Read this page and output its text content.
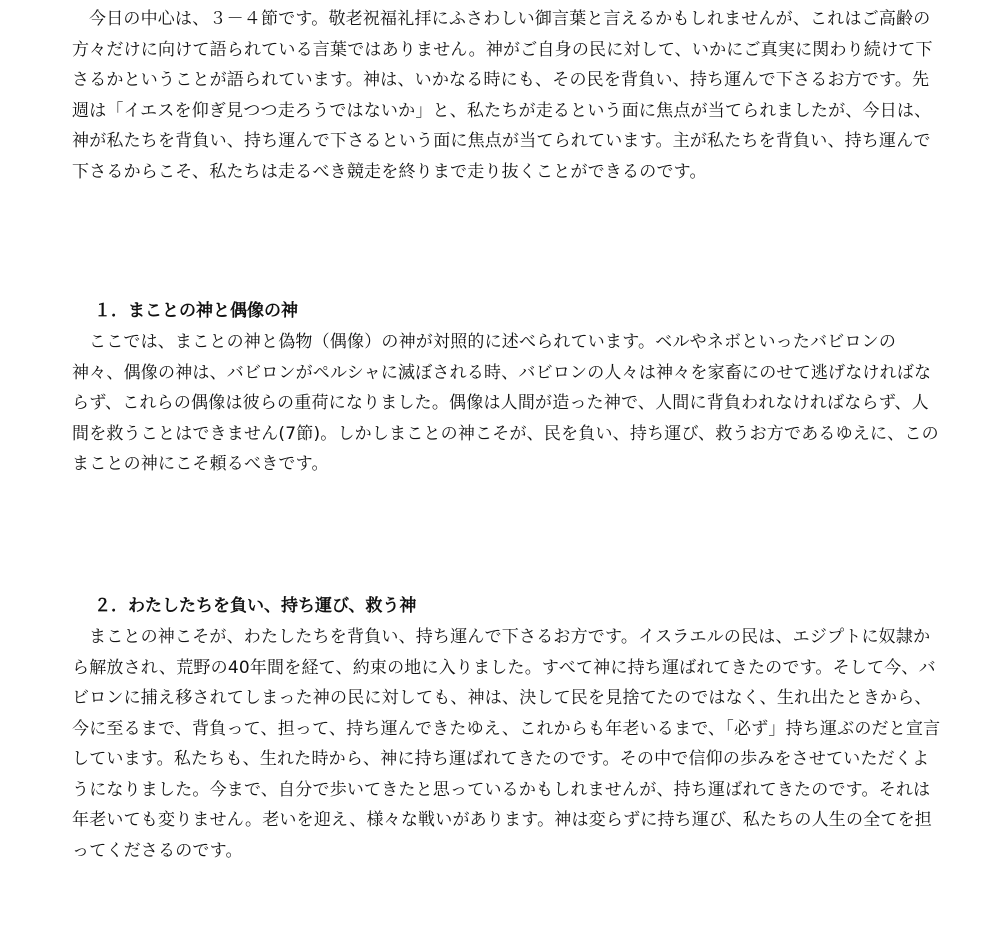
今日の中心は、３－４節です。敬老祝福礼拝にふさわしい御言葉と言えるかもしれませんが、これはご高齢の方々だけに向けて語られている言葉ではありません。神がご自身の民に対して、いかにご真実に関わり続けて下さるかということが語られています。神は、いかなる時にも、その民を背負い、持ち運んで下さるお方です。先週は「イエスを仰ぎ見つつ走ろうではないか」と、私たちが走るという面に焦点が当てられましたが、今日は、神が私たちを背負い、持ち運んで下さるという面に焦点が当てられています。主が私たちを背負い、持ち運んで下さるからこそ、私たちは走るべき競走を終りまで走り抜くことができるのです。

１．まことの神と偶像の神

ここでは、まことの神と偽物（偶像）の神が対照的に述べられています。ベルやネボといったバビロンの神々、偶像の神は、バビロンがペルシャに滅ぼされる時、バビロンの人々は神々を家畜にのせて逃げなければならず、これらの偶像は彼らの重荷になりました。偶像は人間が造った神で、人間に背負われなければならず、人間を救うことはできません(7節)。しかしまことの神こそが、民を負い、持ち運び、救うお方であるゆえに、このまことの神にこそ頼るべきです。

２．わたしたちを負い、持ち運び、救う神

まことの神こそが、わたしたちを背負い、持ち運んで下さるお方です。イスラエルの民は、エジプトに奴隷から解放され、荒野の40年間を経て、約束の地に入りました。すべて神に持ち運ばれてきたのです。そして今、バビロンに捕え移されてしまった神の民に対しても、神は、決して民を見捨てたのではなく、生れ出たときから、今に至るまで、背負って、担って、持ち運んできたゆえ、これからも年老いるまで、「必ず」持ち運ぶのだと宣言しています。私たちも、生れた時から、神に持ち運ばれてきたのです。その中で信仰の歩みをさせていただくようになりました。今まで、自分で歩いてきたと思っているかもしれませんが、持ち運ばれてきたのです。それは年老いても変りません。老いを迎え、様々な戦いがあります。神は変らずに持ち運び、私たちの人生の全てを担ってくださるのです。
